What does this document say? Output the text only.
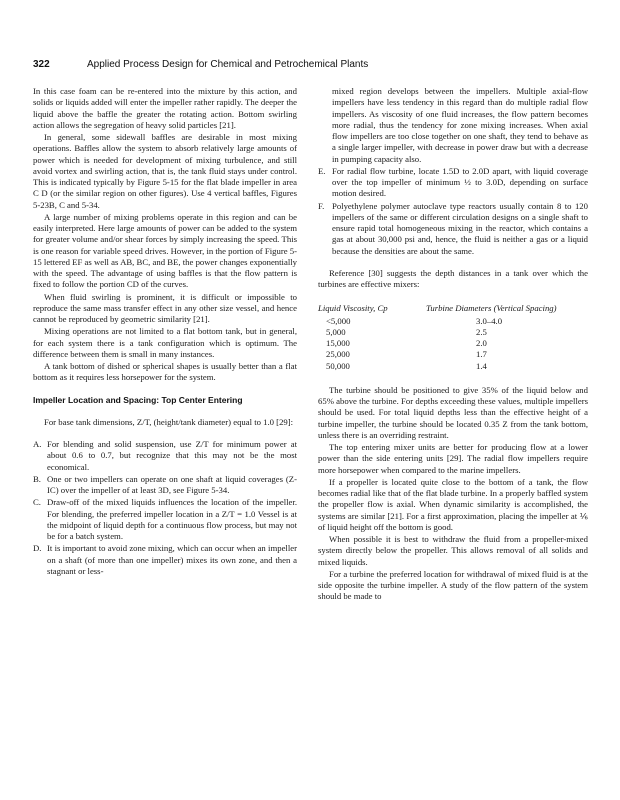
322	Applied Process Design for Chemical and Petrochemical Plants

In this case foam can be re-entered into the mixture by this action, and solids or liquids added will enter the impeller rather rapidly. The deeper the liquid above the baffle the greater the rotating action. Bottom swirling action allows the segregation of heavy solid particles [21].

In general, some sidewall baffles are desirable in most mixing operations. Baffles allow the system to absorb relatively large amounts of power which is needed for development of mixing turbulence, and still avoid vortex and swirling action, that is, the tank fluid stays under control. This is indicated typically by Figure 5-15 for the flat blade impeller in area C D (or the similar region on other figures). Use 4 vertical baffles, Figures 5-23B, C and 5-34.

A large number of mixing problems operate in this region and can be easily interpreted. Here large amounts of power can be added to the system for greater volume and/or shear forces by simply increasing the speed. This is one reason for variable speed drives. However, in the portion of Figure 5-15 lettered EF as well as AB, BC, and BE, the power changes exponentially with the speed. The advantage of using baffles is that the flow pattern is fixed to follow the portion CD of the curves.

When fluid swirling is prominent, it is difficult or impossible to reproduce the same mass transfer effect in any other size vessel, and hence cannot be reproduced by geometric similarity [21].

Mixing operations are not limited to a flat bottom tank, but in general, for each system there is a tank configuration which is optimum. The difference between them is small in many instances.

A tank bottom of dished or spherical shapes is usually better than a flat bottom as it requires less horsepower for the system.

Impeller Location and Spacing: Top Center Entering

For base tank dimensions, Z/T, (height/tank diameter) equal to 1.0 [29]:

A. For blending and solid suspension, use Z/T for minimum power at about 0.6 to 0.7, but recognize that this may not be the most economical.
B. One or two impellers can operate on one shaft at liquid coverages (Z-IC) over the impeller of at least 3D, see Figure 5-34.
C. Draw-off of the mixed liquids influences the location of the impeller. For blending, the preferred impeller location in a Z/T = 1.0 Vessel is at the midpoint of liquid depth for a continuous flow process, but may not be for a batch system.
D. It is important to avoid zone mixing, which can occur when an impeller on a shaft (of more than one impeller) mixes its own zone, and then a stagnant or less-

mixed region develops between the impellers. Multiple axial-flow impellers have less tendency in this regard than do multiple radial flow impellers. As viscosity of one fluid increases, the flow pattern becomes more radial, thus the tendency for zone mixing increases. When axial flow impellers are too close together on one shaft, they tend to behave as a single larger impeller, with decrease in power draw but with a decrease in pumping capacity also.

E. For radial flow turbine, locate 1.5D to 2.0D apart, with liquid coverage over the top impeller of minimum ½ to 3.0D, depending on surface motion desired.
F. Polyethylene polymer autoclave type reactors usually contain 8 to 120 impellers of the same or different circulation designs on a single shaft to ensure rapid total homogeneous mixing in the reactor, which contains a gas at about 30,000 psi and, hence, the fluid is neither a gas or a liquid because the densities are about the same.

Reference [30] suggests the depth distances in a tank over which the turbines are effective mixers:

Liquid Viscosity, Cp	Turbine Diameters (Vertical Spacing)
<5,000	3.0–4.0
5,000	2.5
15,000	2.0
25,000	1.7
50,000	1.4

The turbine should be positioned to give 35% of the liquid below and 65% above the turbine. For depths exceeding these values, multiple impellers should be used. For total liquid depths less than the effective height of a turbine impeller, the turbine should be located 0.35 Z from the tank bottom, unless there is an overriding restraint.

The top entering mixer units are better for producing flow at a lower power than the side entering units [29]. The radial flow impellers require more horsepower when compared to the marine impellers.

If a propeller is located quite close to the bottom of a tank, the flow becomes radial like that of the flat blade turbine. In a properly baffled system the propeller flow is axial. When dynamic similarity is accomplished, the systems are similar [21]. For a first approximation, placing the impeller at ⅙ of liquid height off the bottom is good.

When possible it is best to withdraw the fluid from a propeller-mixed system directly below the propeller. This allows removal of all solids and mixed liquids.

For a turbine the preferred location for withdrawal of mixed fluid is at the side opposite the turbine impeller. A study of the flow pattern of the system should be made to
